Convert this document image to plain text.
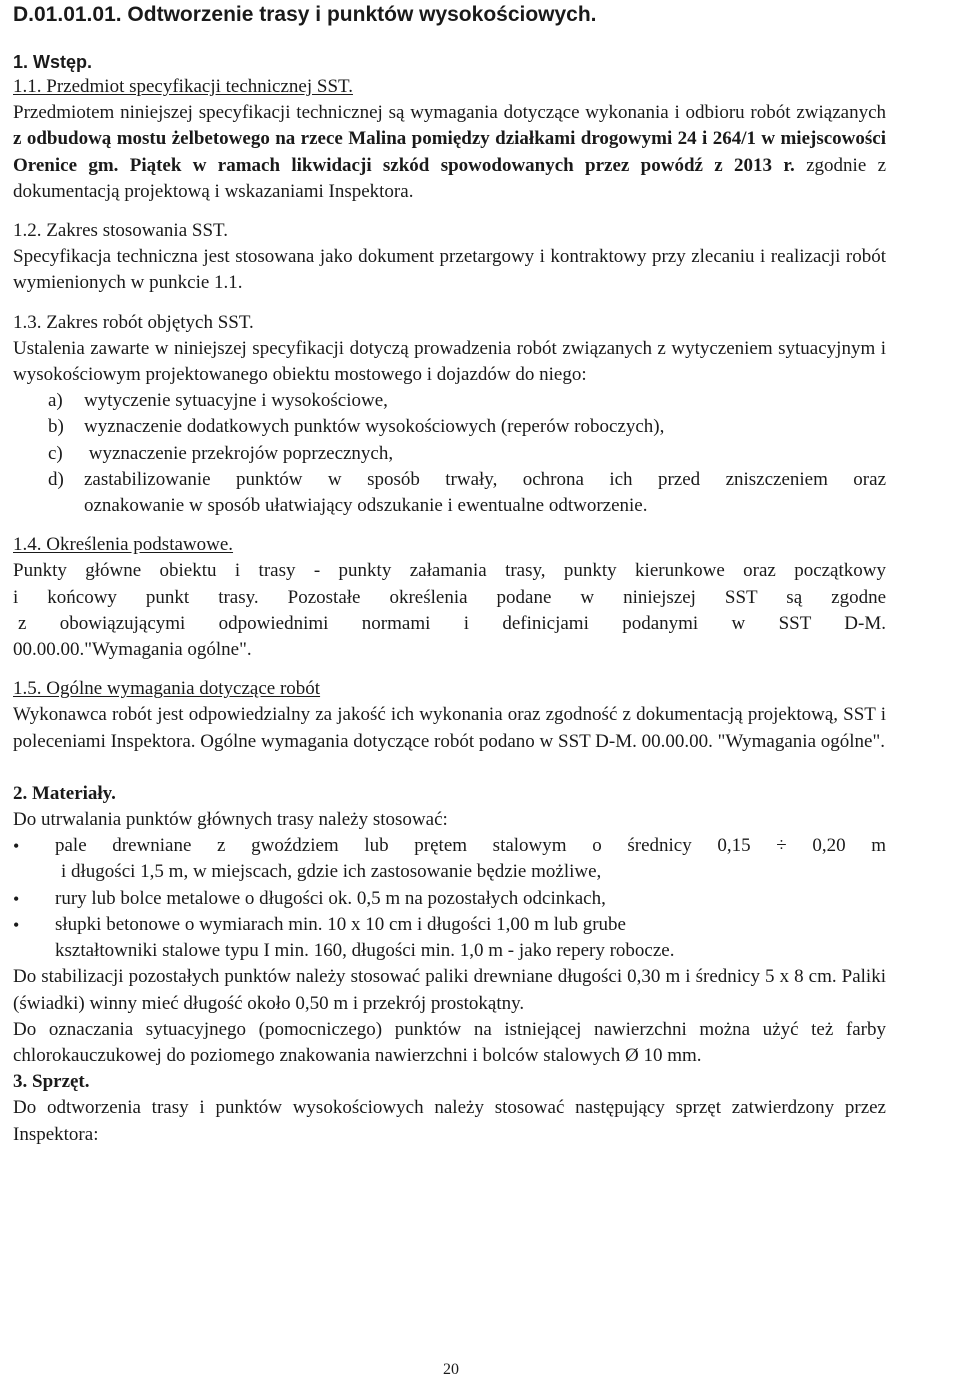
D.01.01.01. Odtworzenie trasy i punktów wysokościowych.
1. Wstęp.
1.1. Przedmiot specyfikacji technicznej SST.

Przedmiotem niniejszej specyfikacji technicznej są wymagania dotyczące wykonania i odbioru robót związanych z odbudową mostu żelbetowego na rzece Malina pomiędzy działkami drogowymi 24 i 264/1 w miejscowości Orenice gm. Piątek w ramach likwidacji szkód spowodowanych przez powódź z 2013 r. zgodnie z dokumentacją projektową i wskazaniami Inspektora.

1.2. Zakres stosowania SST.

Specyfikacja techniczna jest stosowana jako dokument przetargowy i kontraktowy przy zlecaniu i realizacji robót wymienionych w punkcie 1.1.

1.3. Zakres robót objętych SST.

Ustalenia zawarte w niniejszej specyfikacji dotyczą prowadzenia robót związanych z wytyczeniem sytuacyjnym i wysokościowym projektowanego obiektu mostowego i dojazdów do niego:

a) wytyczenie sytuacyjne i wysokościowe,
b) wyznaczenie dodatkowych punktów wysokościowych (reperów roboczych),
c) wyznaczenie przekrojów poprzecznych,
d) zastabilizowanie punktów w sposób trwały, ochrona ich przed zniszczeniem oraz
oznakowanie w sposób ułatwiający odszukanie i ewentualne odtworzenie.
1.4. Określenia podstawowe.

Punkty główne obiektu i trasy - punkty załamania trasy, punkty kierunkowe oraz początkowy

i końcowy punkt trasy. Pozostałe określenia podane w niniejszej SST są zgodne

z obowiązującymi odpowiednimi normami i definicjami podanymi w SST D-M.

00.00.00."Wymagania ogólne".

1.5. Ogólne wymagania dotyczące robót

Wykonawca robót jest odpowiedzialny za jakość ich wykonania oraz zgodność z dokumentacją projektową, SST i poleceniami Inspektora. Ogólne wymagania dotyczące robót podano w SST D-M. 00.00.00. "Wymagania ogólne".

2. Materiały.

Do utrwalania punktów głównych trasy należy stosować:

• pale drewniane z gwoździem lub prętem stalowym o średnicy 0,15 ÷ 0,20 m
i długości 1,5 m, w miejscach, gdzie ich zastosowanie będzie możliwe,
• rury lub bolce metalowe o długości ok. 0,5 m na pozostałych odcinkach,
• słupki betonowe o wymiarach min. 10 x 10 cm i długości 1,00 m lub grube
kształtowniki stalowe typu I min. 160, długości min. 1,0 m - jako repery robocze.

Do stabilizacji pozostałych punktów należy stosować paliki drewniane długości 0,30 m i średnicy 5 x 8 cm. Paliki (świadki) winny mieć długość około 0,50 m i przekrój prostokątny.

Do oznaczania sytuacyjnego (pomocniczego) punktów na istniejącej nawierzchni można użyć też farby chlorokauczukowej do poziomego znakowania nawierzchni i bolców stalowych Ø 10 mm.

3. Sprzęt.

Do odtworzenia trasy i punktów wysokościowych należy stosować następujący sprzęt zatwierdzony przez Inspektora:

20
